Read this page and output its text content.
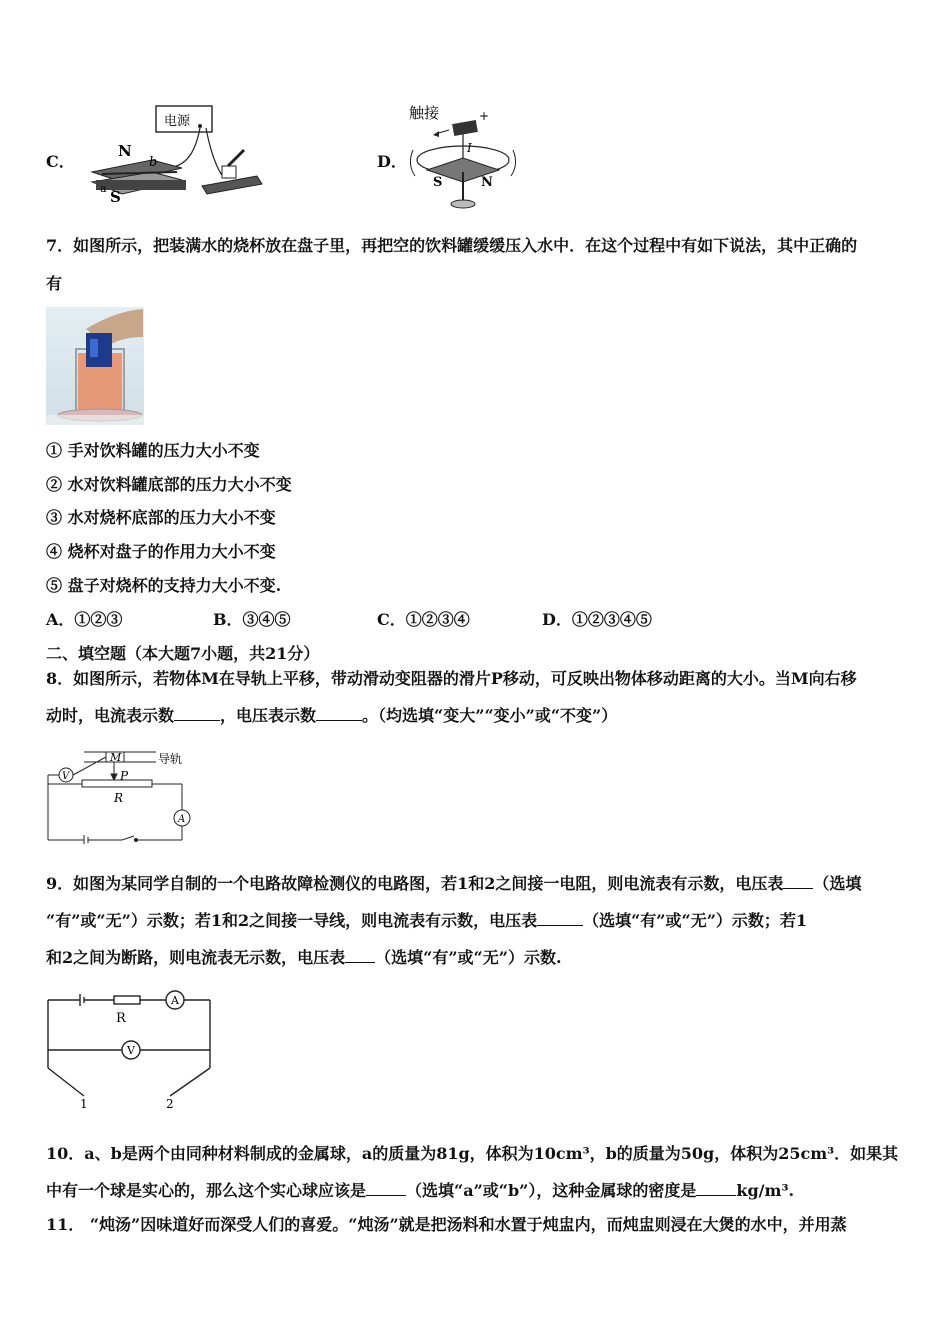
C．
电源
N
S
a
b	D．
触接	+
I
S	N
7．如图所示，把装满水的烧杯放在盘子里，再把空的饮料罐缓缓压入水中．在这个过程中有如下说法，其中正确的
有
① 手对饮料罐的压力大小不变
② 水对饮料罐底部的压力大小不变
③ 水对烧杯底部的压力大小不变
④ 烧杯对盘子的作用力大小不变
⑤ 盘子对烧杯的支持力大小不变.
A．①②③	B．③④⑤	C．①②③④	D．①②③④⑤
二、填空题（本大题7小题，共21分）
8．如图所示，若物体M在导轨上平移，带动滑动变阻器的滑片P移动，可反映出物体移动距离的大小。当M向右移
动时，电流表示数	，电压表示数	。（均选填“变大”“变小”或“不变”）
M	导轨
V	P
R
A
9．如图为某同学自制的一个电路故障检测仪的电路图，若1和2之间接一电阻，则电流表有示数，电压表 （选填
“有”或“无”）示数；若1和2之间接一导线，则电流表有示数，电压表	（选填“有”或“无”）示数；若1
和2之间为断路，则电流表无示数，电压表 （选填“有”或“无”）示数.
R
A
V
1	2
10．a、b是两个由同种材料制成的金属球，a的质量为81g，体积为10cm³，b的质量为50g，体积为25cm³．如果其
中有一个球是实心的，那么这个实心球应该是	（选填“a”或“b”），这种金属球的密度是	kg/m³.
11． “炖汤”因味道好而深受人们的喜爱。“炖汤”就是把汤料和水置于炖盅内，而炖盅则浸在大煲的水中，并用蒸
